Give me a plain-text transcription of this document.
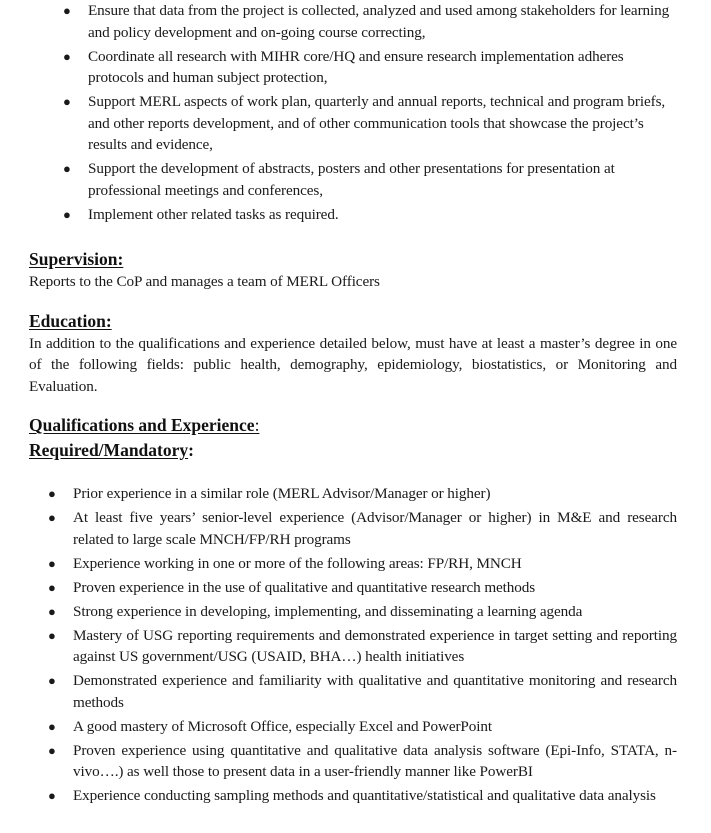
● Ensure that data from the project is collected, analyzed and used among stakeholders for learning and policy development and on-going course correcting,
● Coordinate all research with MIHR core/HQ and ensure research implementation adheres protocols and human subject protection,
● Support MERL aspects of work plan, quarterly and annual reports, technical and program briefs, and other reports development, and of other communication tools that showcase the project’s results and evidence,
● Support the development of abstracts, posters and other presentations for presentation at professional meetings and conferences,
● Implement other related tasks as required.
Supervision:
Reports to the CoP and manages a team of MERL Officers
Education:
In addition to the qualifications and experience detailed below, must have at least a master’s degree in one of the following fields: public health, demography, epidemiology, biostatistics, or Monitoring and Evaluation.
Qualifications and Experience:
Required/Mandatory:
● Prior experience in a similar role (MERL Advisor/Manager or higher)
● At least five years’ senior-level experience (Advisor/Manager or higher) in M&E and research related to large scale MNCH/FP/RH programs
● Experience working in one or more of the following areas: FP/RH, MNCH
● Proven experience in the use of qualitative and quantitative research methods
● Strong experience in developing, implementing, and disseminating a learning agenda
● Mastery of USG reporting requirements and demonstrated experience in target setting and reporting against US government/USG (USAID, BHA…) health initiatives
● Demonstrated experience and familiarity with qualitative and quantitative monitoring and research methods
● A good mastery of Microsoft Office, especially Excel and PowerPoint
● Proven experience using quantitative and qualitative data analysis software (Epi-Info, STATA, n-vivo….) as well those to present data in a user-friendly manner like PowerBI
● Experience conducting sampling methods and quantitative/statistical and qualitative data analysis
